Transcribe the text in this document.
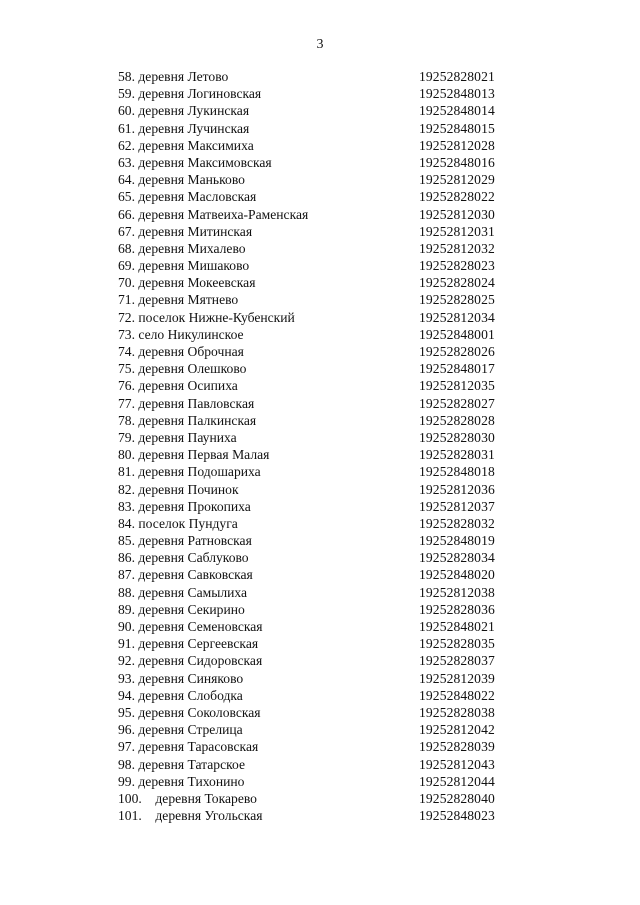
3
58. деревня Летово	19252828021
59. деревня Логиновская	19252848013
60. деревня Лукинская	19252848014
61. деревня Лучинская	19252848015
62. деревня Максимиха	19252812028
63. деревня Максимовская	19252848016
64. деревня Маньково	19252812029
65. деревня Масловская	19252828022
66. деревня Матвеиха-Раменская	19252812030
67. деревня Митинская	19252812031
68. деревня Михалево	19252812032
69. деревня Мишаково	19252828023
70. деревня Мокеевская	19252828024
71. деревня Мятнево	19252828025
72. поселок Нижне-Кубенский	19252812034
73. село Никулинское	19252848001
74. деревня Оброчная	19252828026
75. деревня Олешково	19252848017
76. деревня Осипиха	19252812035
77. деревня Павловская	19252828027
78. деревня Палкинская	19252828028
79. деревня Пауниха	19252828030
80. деревня Первая Малая	19252828031
81. деревня Подошариха	19252848018
82. деревня Починок	19252812036
83. деревня Прокопиха	19252812037
84. поселок Пундуга	19252828032
85. деревня Ратновская	19252848019
86. деревня Саблуково	19252828034
87. деревня Савковская	19252848020
88. деревня Самылиха	19252812038
89. деревня Секирино	19252828036
90. деревня Семеновская	19252848021
91. деревня Сергеевская	19252828035
92. деревня Сидоровская	19252828037
93. деревня Синяково	19252812039
94. деревня Слободка	19252848022
95. деревня Соколовская	19252828038
96. деревня Стрелица	19252812042
97. деревня Тарасовская	19252828039
98. деревня Татарское	19252812043
99. деревня Тихонино	19252812044
100.    деревня Токарево	19252828040
101.    деревня Угольская	19252848023
